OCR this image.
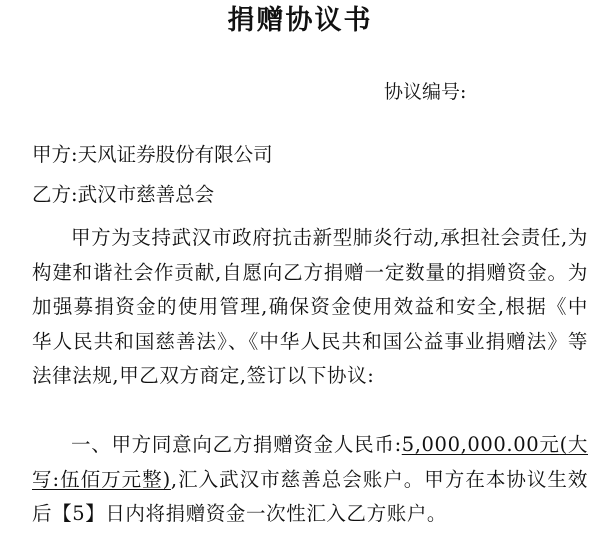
捐赠协议书
协议编号:
甲方:天风证券股份有限公司
乙方:武汉市慈善总会
甲方为支持武汉市政府抗击新型肺炎行动,承担社会责任,为构建和谐社会作贡献,自愿向乙方捐赠一定数量的捐赠资金。为加强募捐资金的使用管理,确保资金使用效益和安全,根据《中华人民共和国慈善法》、《中华人民共和国公益事业捐赠法》等法律法规,甲乙双方商定,签订以下协议:
一、甲方同意向乙方捐赠资金人民币:5,000,000.00元(大写:伍佰万元整),汇入武汉市慈善总会账户。甲方在本协议生效后【5】日内将捐赠资金一次性汇入乙方账户。
